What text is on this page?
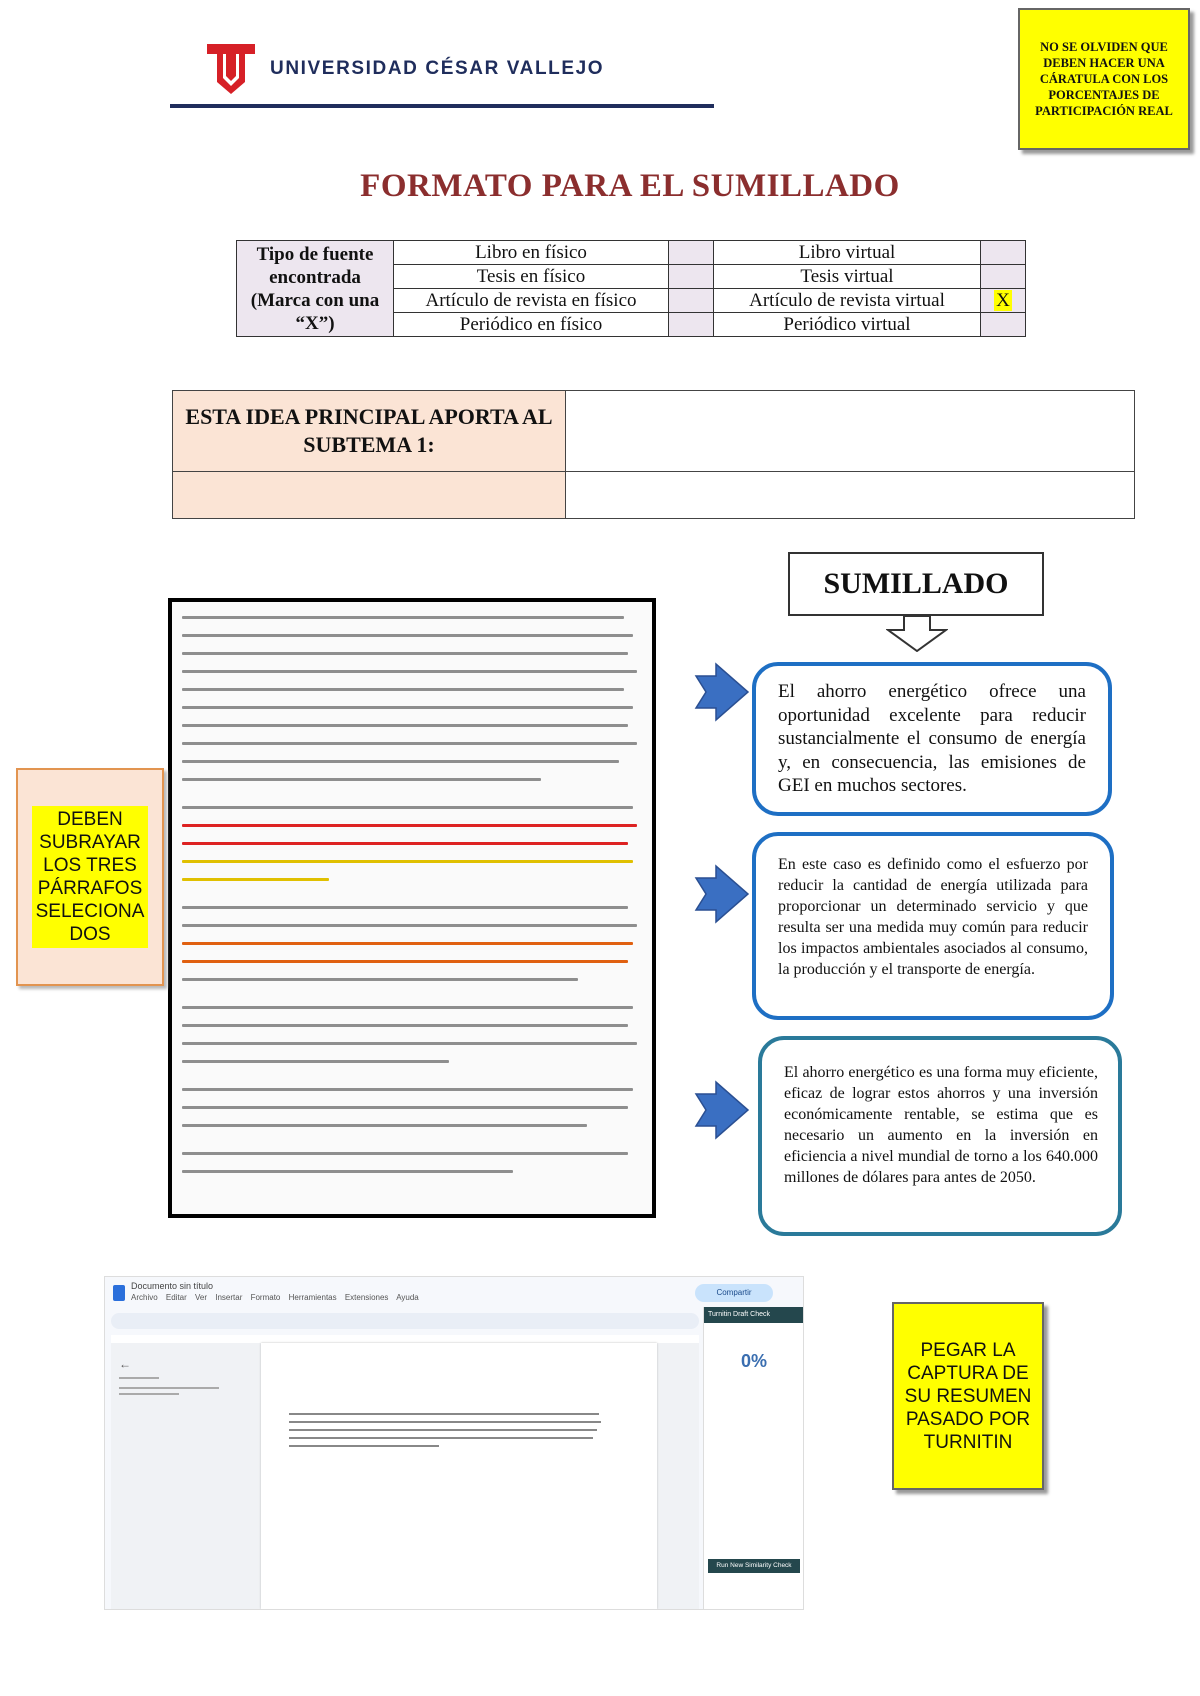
UNIVERSIDAD CÉSAR VALLEJO
NO SE OLVIDEN QUE DEBEN HACER UNA CÁRATULA CON LOS PORCENTAJES DE PARTICIPACIÓN REAL
FORMATO PARA EL SUMILLADO
Tipo de fuente encontrada (Marca con una “X”)	Libro en físico		Libro virtual	
	Tesis en físico		Tesis virtual	
	Artículo de revista en físico		Artículo de revista virtual	X
	Periódico en físico		Periódico virtual	
ESTA IDEA PRINCIPAL APORTA AL SUBTEMA 1:	

SUMILLADO
DEBEN SUBRAYAR LOS TRES PÁRRAFOS SELECIONA DOS
El ahorro energético ofrece una oportunidad excelente para reducir sustancialmente el consumo de energía y, en consecuencia, las emisiones de GEI en muchos sectores.
En este caso es definido como el esfuerzo por reducir la cantidad de energía utilizada para proporcionar un determinado servicio y que resulta ser una medida muy común para reducir los impactos ambientales asociados al consumo, la producción y el transporte de energía.
El ahorro energético es una forma muy eficiente, eficaz de lograr estos ahorros y una inversión económicamente rentable, se estima que es necesario un aumento en la inversión en eficiencia a nivel mundial de torno a los 640.000 millones de dólares para antes de 2050.
Documento sin título
Archivo Editar Ver Insertar Formato Herramientas Extensiones Ayuda
Compartir
←
Turnitin Draft Check
0%
Run New Similarity Check
PEGAR LA CAPTURA DE SU RESUMEN PASADO POR TURNITIN
